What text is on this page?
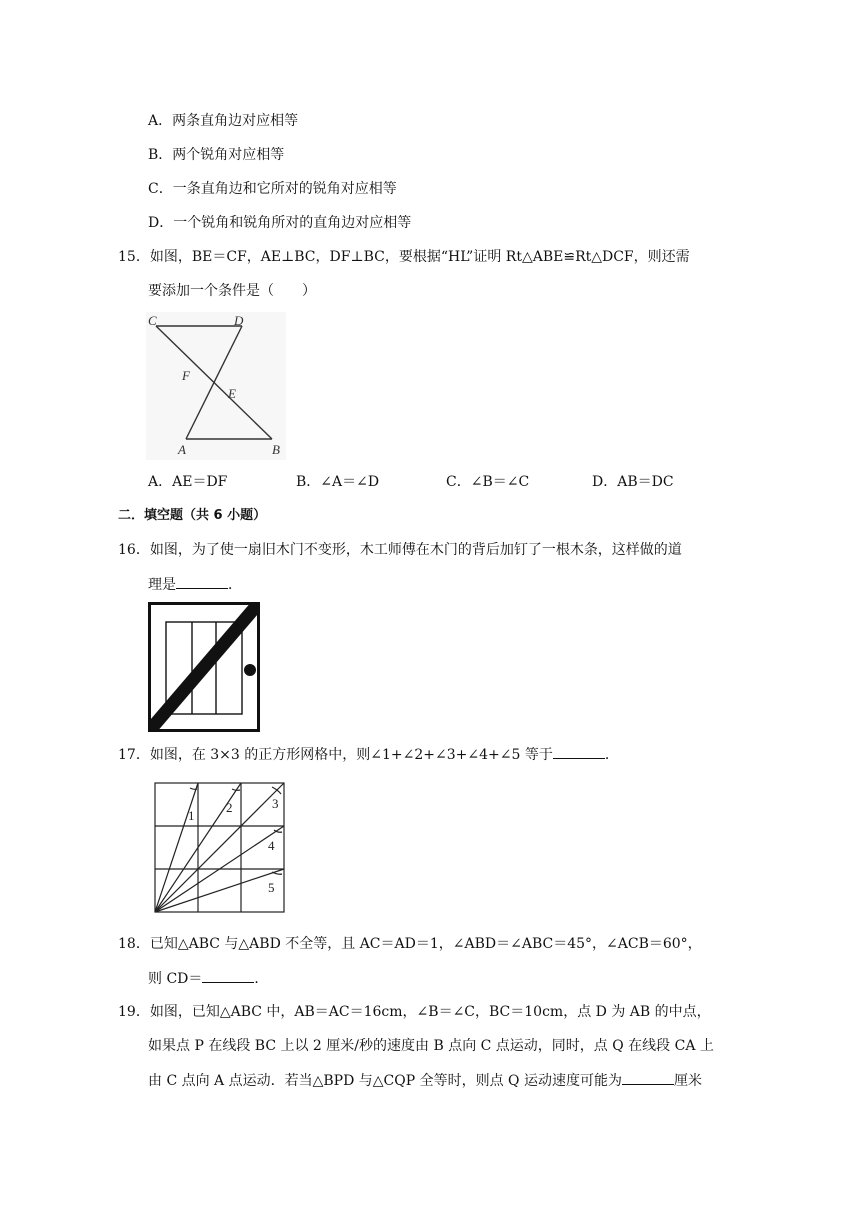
A．两条直角边对应相等
B．两个锐角对应相等
C．一条直角边和它所对的锐角对应相等
D．一个锐角和锐角所对的直角边对应相等
15．如图，BE＝CF，AE⊥BC，DF⊥BC，要根据“HL”证明 Rt△ABE≌Rt△DCF，则还需
要添加一个条件是（　　）
C	D
F
E
A	B
A．AE＝DF	B．∠A＝∠D	C．∠B＝∠C	D．AB＝DC
二．填空题（共 6 小题）
16．如图，为了使一扇旧木门不变形，木工师傅在木门的背后加钉了一根木条，这样做的道
理是	．
17．如图，在 3×3 的正方形网格中，则∠1+∠2+∠3+∠4+∠5 等于	．
1
2	3
4
5
18．已知△ABC 与△ABD 不全等，且 AC＝AD＝1，∠ABD＝∠ABC＝45°，∠ACB＝60°，
则 CD＝	．
19．如图，已知△ABC 中，AB＝AC＝16cm，∠B＝∠C，BC＝10cm，点 D 为 AB 的中点，
如果点 P 在线段 BC 上以 2 厘米/秒的速度由 B 点向 C 点运动，同时，点 Q 在线段 CA 上
由 C 点向 A 点运动．若当△BPD 与△CQP 全等时，则点 Q 运动速度可能为	厘米
